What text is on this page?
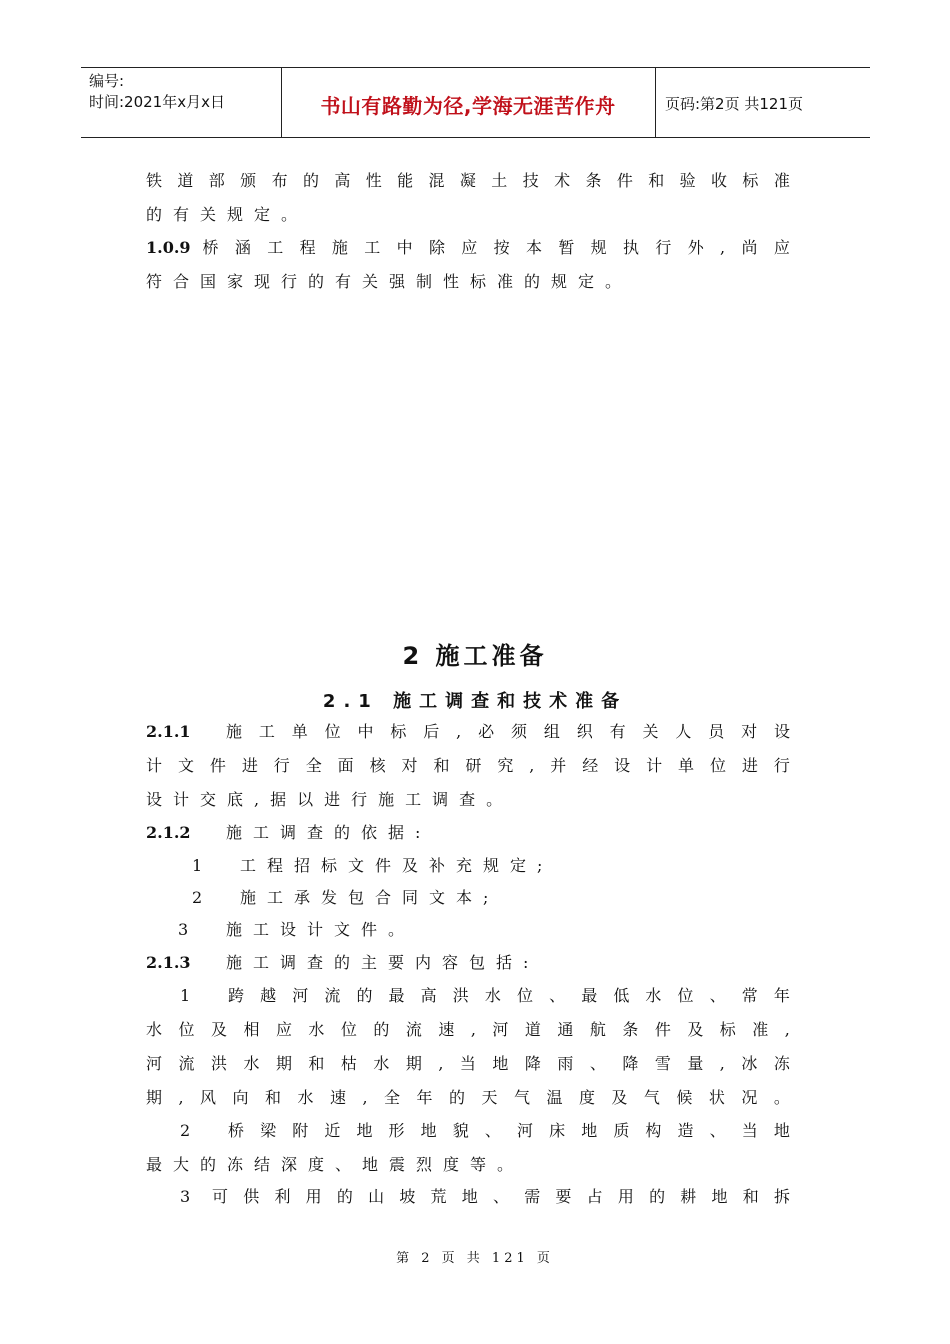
编号:
时间:2021年x月x日	书山有路勤为径,学海无涯苦作舟	页码:第2页 共121页
铁 道 部 颁 布 的 高 性 能 混 凝 土 技 术 条 件 和 验 收 标 准
的有关规定。
1.0.9 桥 涵 工 程 施 工 中 除 应 按 本 暂 规 执 行 外 , 尚 应
符合国家现行的有关强制性标准的规定。
2 施工准备
2.1 施工调查和技术准备
2.1.1	施 工 单 位 中 标 后 , 必 须 组 织 有 关 人 员 对 设
计 文 件 进 行 全 面 核 对 和 研 究 , 并 经 设 计 单 位 进 行
设计交底,据以进行施工调查。
2.1.2 施工调查的依据:
1 工程招标文件及补充规定;
2 施工承发包合同文本;
3 施工设计文件。
2.1.3 施工调查的主要内容包括:
1	跨 越 河 流 的 最 高 洪 水 位 、 最 低 水 位 、 常 年
水 位 及 相 应 水 位 的 流 速 , 河 道 通 航 条 件 及 标 准 ,
河 流 洪 水 期 和 枯 水 期 , 当 地 降 雨 、 降 雪 量 , 冰 冻
期 , 风 向 和 水 速 , 全 年 的 天 气 温 度 及 气 候 状 况 。
2	桥 梁 附 近 地 形 地 貌 、 河 床 地 质 构 造 、 当 地
最大的冻结深度、地震烈度等。
3	可 供 利 用 的 山 坡 荒 地 、 需 要 占 用 的 耕 地 和 拆
第 2 页 共 121 页
